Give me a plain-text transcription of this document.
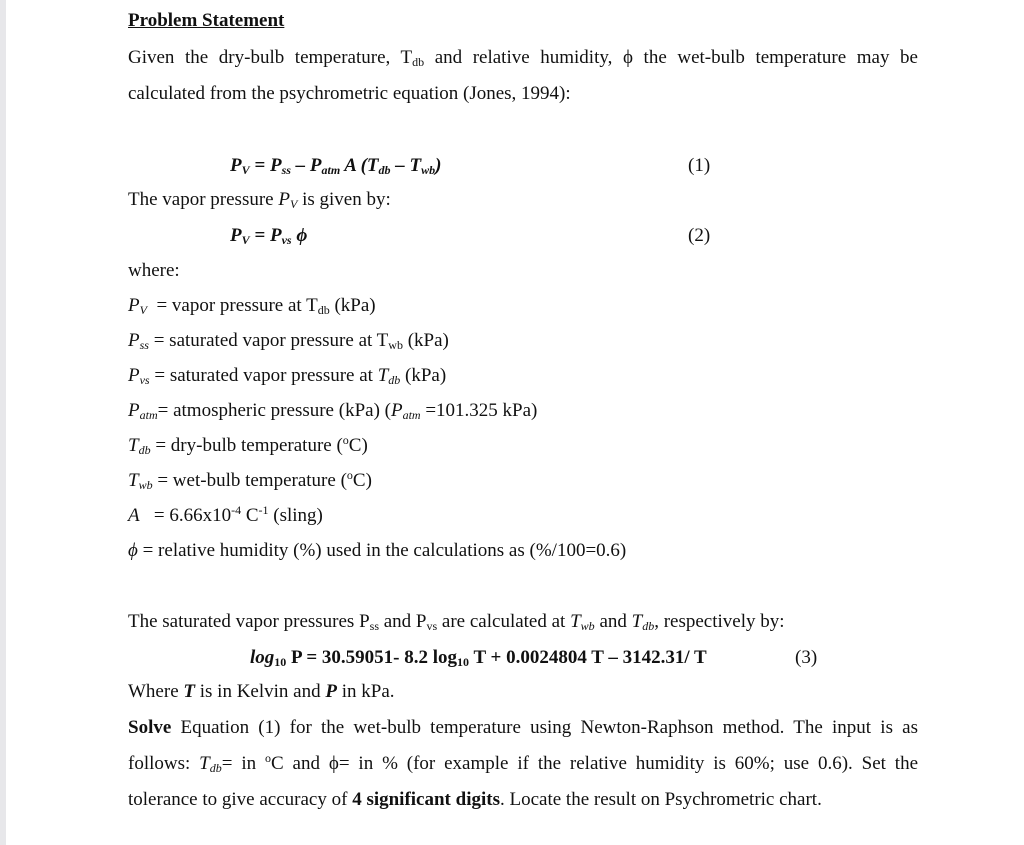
Problem Statement
Given the dry-bulb temperature, $T_{db}$ and relative humidity, ϕ the wet-bulb temperature may be
calculated from the psychrometric equation (Jones, 1994):
$P_V = P_{ss} - P_{atm}$ A $(T_{db} - T_{wb})$	(1)
The vapor pressure $P_V$ is given by:
$P_V = P_{vs}$ ϕ	(2)
where:
$P_V$  = vapor pressure at $T_{db}$ (kPa)
$P_{ss}$ = saturated vapor pressure at $T_{wb}$ (kPa)
$P_{vs}$ = saturated vapor pressure at $T_{db}$ (kPa)
$P_{atm}=$ atmospheric pressure (kPa) ($P_{atm} =101.325$ kPa)
$T_{db}$ = dry-bulb temperature ($^o$C)
$T_{wb}$ = wet-bulb temperature ($^o$C)
$A = 6.66x10^{-4}$ $C^{-1}$ (sling)
ϕ = relative humidity (%) used in the calculations as (%/100=0.6)
The saturated vapor pressures $P_{ss}$ and $P_{vs}$ are calculated at $T_{wb}$ and $T_{db}$, respectively by:
$\log_{10} P = 30.59051-$ 8.2 $\log_{10} T + 0.0024804$ T – 3142.31/ T	(3)
Where T is in Kelvin and P in kPa.
Solve Equation (1) for the wet-bulb temperature using Newton-Raphson method. The input is as
follows: $T_{db}=$ in $^o$C and ϕ= in % (for example if the relative humidity is 60%; use 0.6). Set the
tolerance to give accuracy of 4 significant digits. Locate the result on Psychrometric chart.
